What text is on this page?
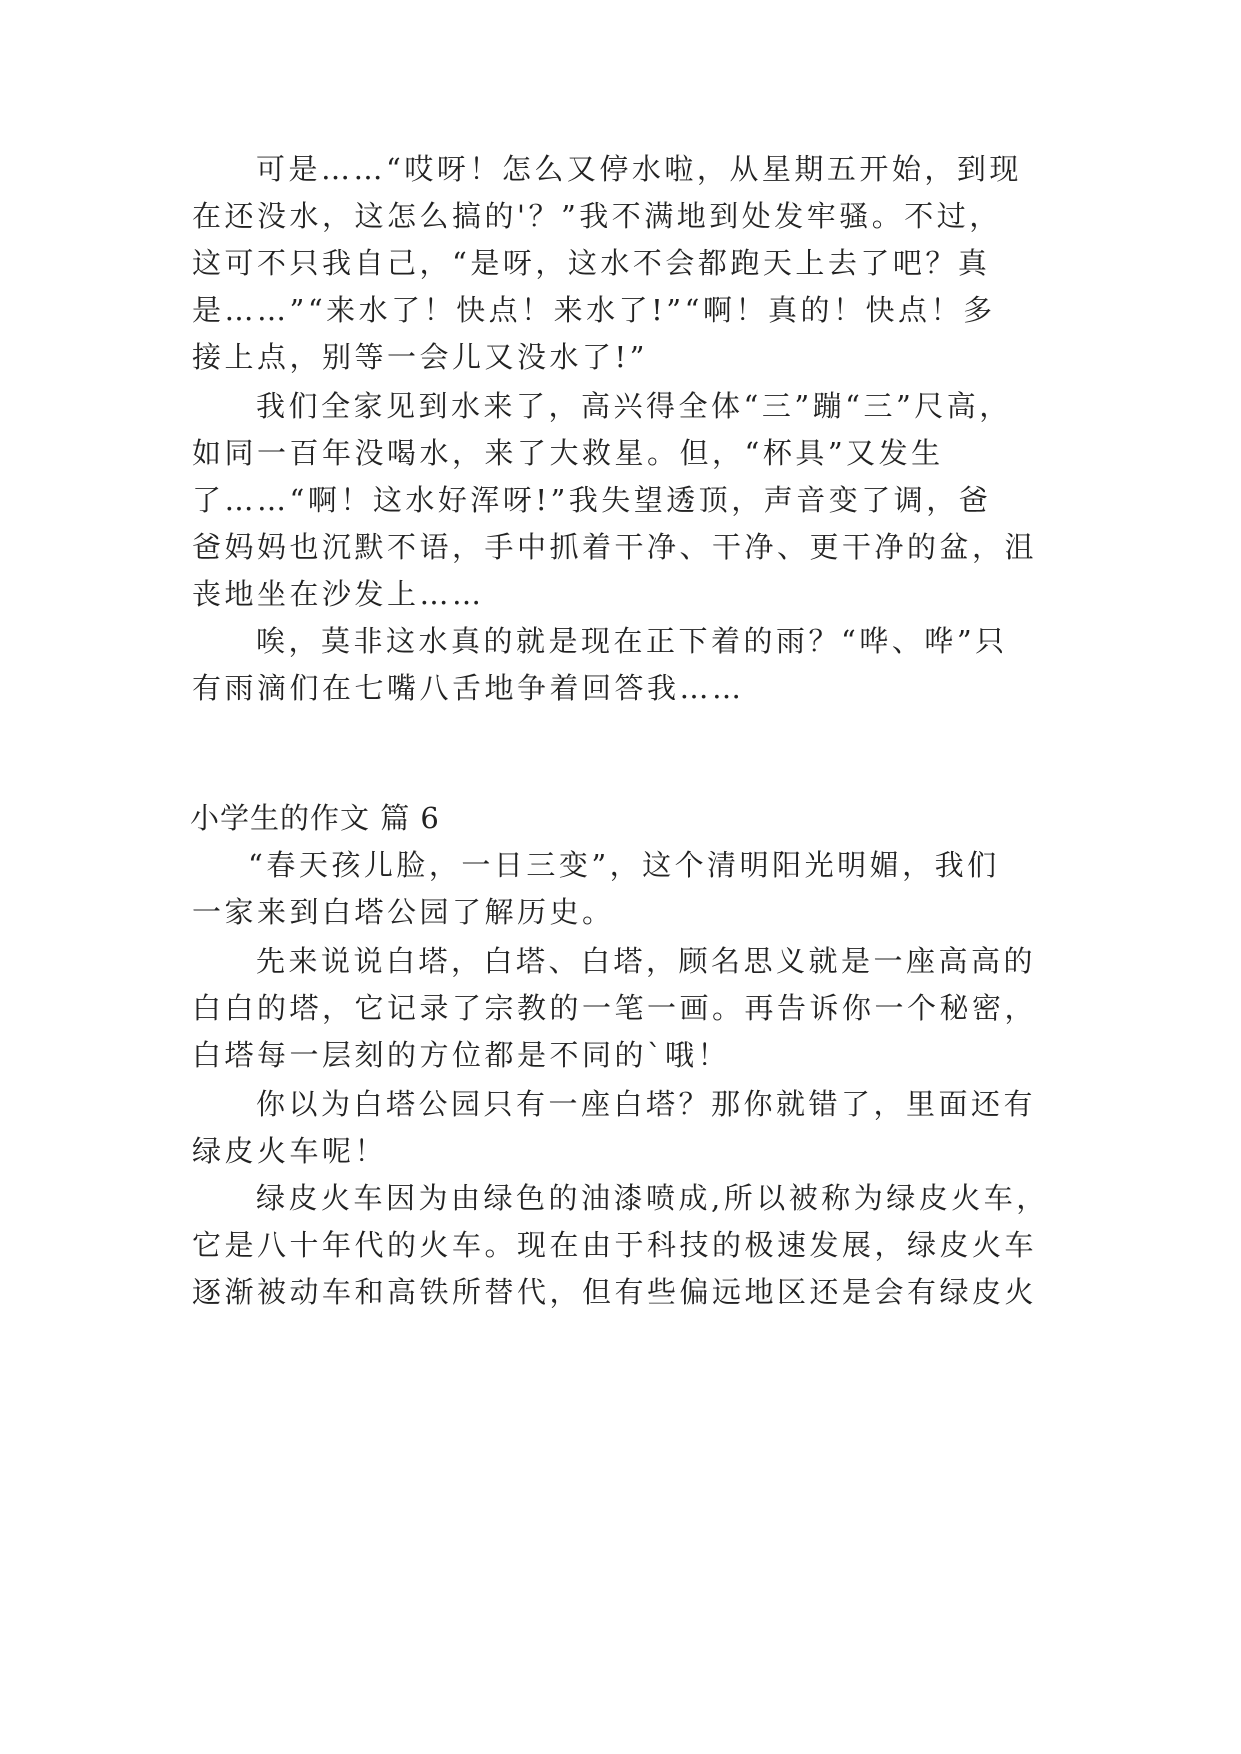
可是……“哎呀！怎么又停水啦，从星期五开始，到现
在还没水，这怎么搞的'？”我不满地到处发牢骚。不过，
这可不只我自己，“是呀，这水不会都跑天上去了吧？真
是……”“来水了！快点！来水了!”“啊！真的！快点！多
接上点，别等一会儿又没水了!”
我们全家见到水来了，高兴得全体“三”蹦“三”尺高，
如同一百年没喝水，来了大救星。但，“杯具”又发生
了……“啊！这水好浑呀!”我失望透顶，声音变了调，爸
爸妈妈也沉默不语，手中抓着干净、干净、更干净的盆，沮
丧地坐在沙发上……
唉，莫非这水真的就是现在正下着的雨？“哗、哗”只
有雨滴们在七嘴八舌地争着回答我……
小学生的作文 篇 6
“春天孩儿脸，一日三变”，这个清明阳光明媚，我们
一家来到白塔公园了解历史。
先来说说白塔，白塔、白塔，顾名思义就是一座高高的
白白的塔，它记录了宗教的一笔一画。再告诉你一个秘密，
白塔每一层刻的方位都是不同的`哦！
你以为白塔公园只有一座白塔？那你就错了，里面还有
绿皮火车呢！
绿皮火车因为由绿色的油漆喷成,所以被称为绿皮火车，
它是八十年代的火车。现在由于科技的极速发展，绿皮火车
逐渐被动车和高铁所替代，但有些偏远地区还是会有绿皮火
